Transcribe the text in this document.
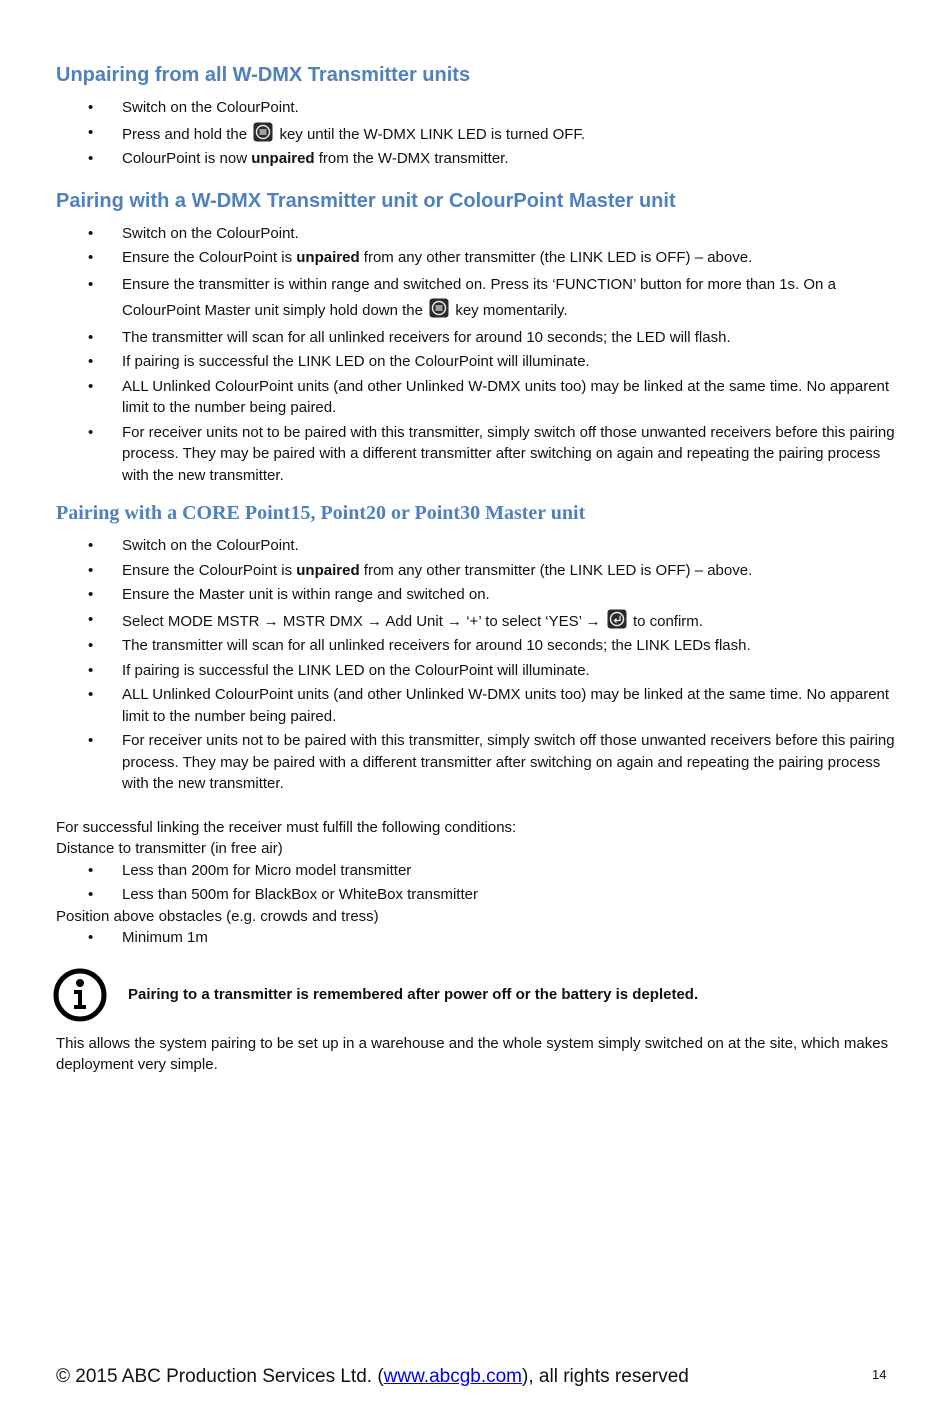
Unpairing from all W-DMX Transmitter units
• Switch on the ColourPoint.
• Press and hold the key until the W-DMX LINK LED is turned OFF.
• ColourPoint is now unpaired from the W-DMX transmitter.
Pairing with a W-DMX Transmitter unit or ColourPoint Master unit
• Switch on the ColourPoint.
• Ensure the ColourPoint is unpaired from any other transmitter (the LINK LED is OFF) – above.
• Ensure the transmitter is within range and switched on. Press its ‘FUNCTION’ button for more than 1s. On a ColourPoint Master unit simply hold down the key momentarily.
• The transmitter will scan for all unlinked receivers for around 10 seconds; the LED will flash.
• If pairing is successful the LINK LED on the ColourPoint will illuminate.
• ALL Unlinked ColourPoint units (and other Unlinked W-DMX units too) may be linked at the same time. No apparent limit to the number being paired.
• For receiver units not to be paired with this transmitter, simply switch off those unwanted receivers before this pairing process. They may be paired with a different transmitter after switching on again and repeating the pairing process with the new transmitter.
Pairing with a CORE Point15, Point20 or Point30 Master unit
• Switch on the ColourPoint.
• Ensure the ColourPoint is unpaired from any other transmitter (the LINK LED is OFF) – above.
• Ensure the Master unit is within range and switched on.
• Select MODE MSTR → MSTR DMX → Add Unit → ‘+’ to select ‘YES’ → to confirm.
• The transmitter will scan for all unlinked receivers for around 10 seconds; the LINK LEDs flash.
• If pairing is successful the LINK LED on the ColourPoint will illuminate.
• ALL Unlinked ColourPoint units (and other Unlinked W-DMX units too) may be linked at the same time. No apparent limit to the number being paired.
• For receiver units not to be paired with this transmitter, simply switch off those unwanted receivers before this pairing process. They may be paired with a different transmitter after switching on again and repeating the pairing process with the new transmitter.

For successful linking the receiver must fulfill the following conditions:

Distance to transmitter (in free air)

• Less than 200m for Micro model transmitter
• Less than 500m for BlackBox or WhiteBox transmitter

Position above obstacles (e.g. crowds and tress)

• Minimum 1m
Pairing to a transmitter is remembered after power off or the battery is depleted.

This allows the system pairing to be set up in a warehouse and the whole system simply switched on at the site, which makes deployment very simple.

© 2015 ABC Production Services Ltd. (www.abcgb.com), all rights reserved	14
